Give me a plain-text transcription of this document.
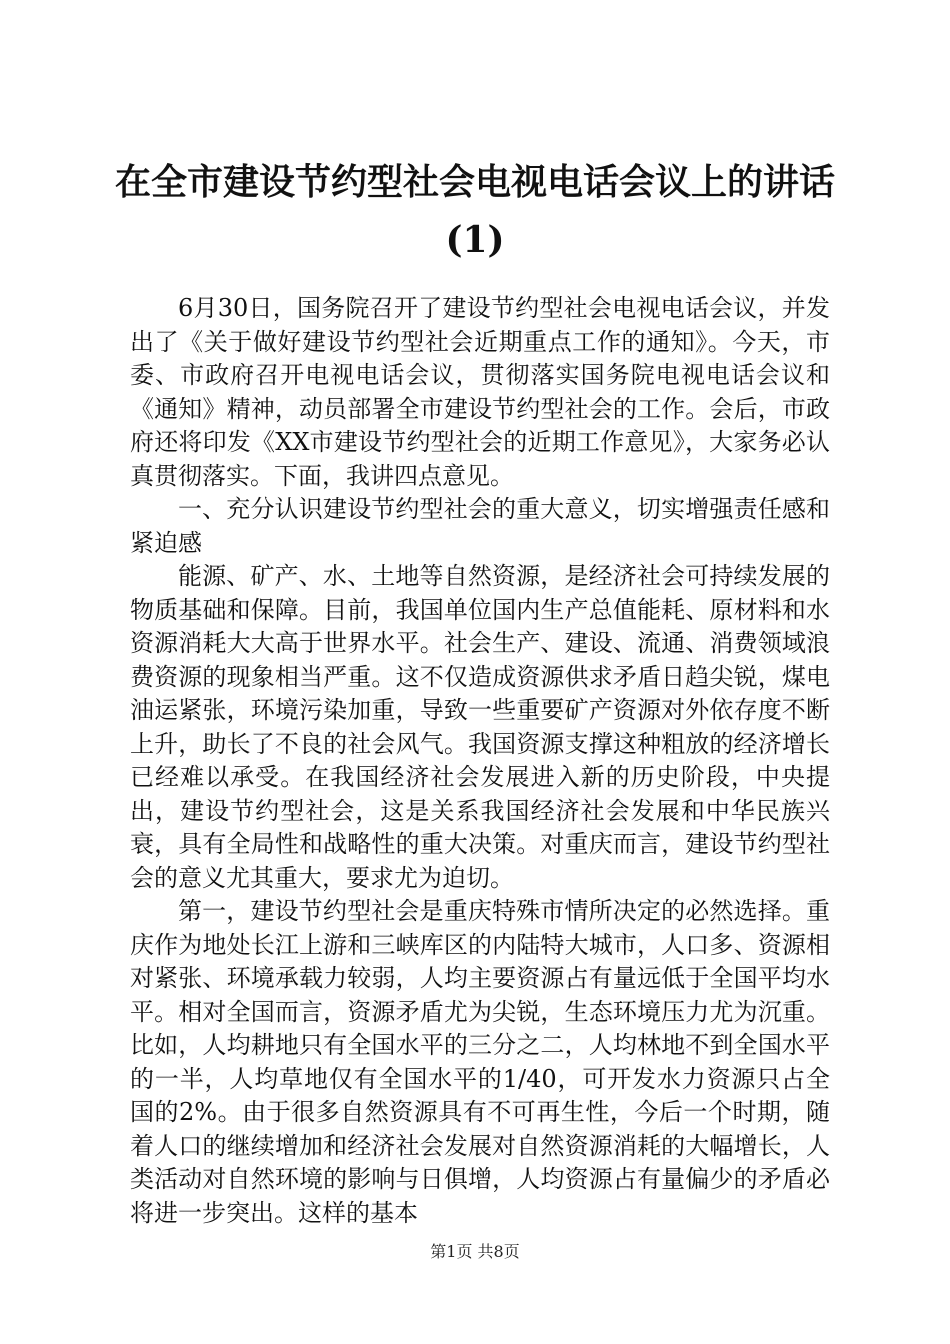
在全市建设节约型社会电视电话会议上的讲话
(1)

6月30日，国务院召开了建设节约型社会电视电话会议，并发出了《关于做好建设节约型社会近期重点工作的通知》。今天，市委、市政府召开电视电话会议，贯彻落实国务院电视电话会议和《通知》精神，动员部署全市建设节约型社会的工作。会后，市政府还将印发《XX市建设节约型社会的近期工作意见》，大家务必认真贯彻落实。下面，我讲四点意见。

一、充分认识建设节约型社会的重大意义，切实增强责任感和紧迫感

能源、矿产、水、土地等自然资源，是经济社会可持续发展的物质基础和保障。目前，我国单位国内生产总值能耗、原材料和水资源消耗大大高于世界水平。社会生产、建设、流通、消费领域浪费资源的现象相当严重。这不仅造成资源供求矛盾日趋尖锐，煤电油运紧张，环境污染加重，导致一些重要矿产资源对外依存度不断上升，助长了不良的社会风气。我国资源支撑这种粗放的经济增长已经难以承受。在我国经济社会发展进入新的历史阶段，中央提出，建设节约型社会，这是关系我国经济社会发展和中华民族兴衰，具有全局性和战略性的重大决策。对重庆而言，建设节约型社会的意义尤其重大，要求尤为迫切。

第一，建设节约型社会是重庆特殊市情所决定的必然选择。重庆作为地处长江上游和三峡库区的内陆特大城市，人口多、资源相对紧张、环境承载力较弱，人均主要资源占有量远低于全国平均水平。相对全国而言，资源矛盾尤为尖锐，生态环境压力尤为沉重。比如，人均耕地只有全国水平的三分之二，人均林地不到全国水平的一半，人均草地仅有全国水平的1/40，可开发水力资源只占全国的2%。由于很多自然资源具有不可再生性，今后一个时期，随着人口的继续增加和经济社会发展对自然资源消耗的大幅增长，人类活动对自然环境的影响与日俱增，人均资源占有量偏少的矛盾必将进一步突出。这样的基本

第1页 共8页
